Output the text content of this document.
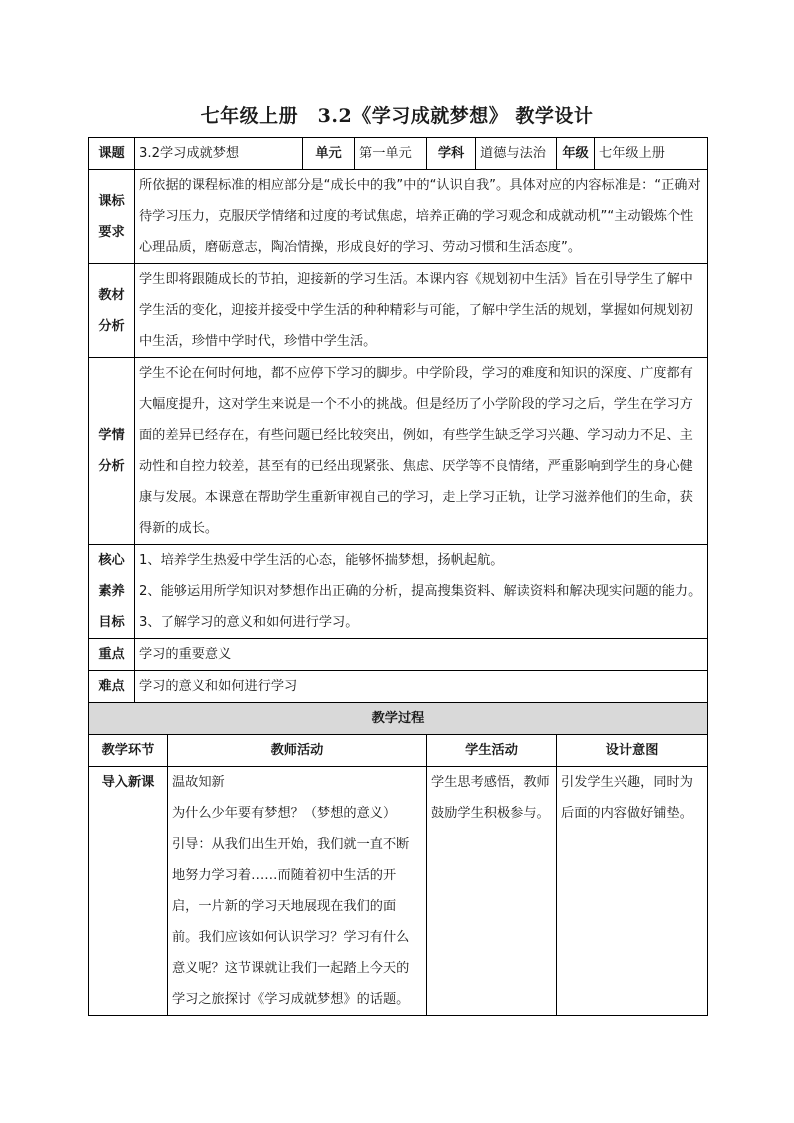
七年级上册　3.2《学习成就梦想》 教学设计
课题	3.2学习成就梦想		单元	第一单元	学科	道德与法治	年级	七年级上册

课标
要求	所依据的课程标准的相应部分是“成长中的我”中的“认识自我”。具体对应的内容标准是：“正确对待学习压力，克服厌学情绪和过度的考试焦虑，培养正确的学习观念和成就动机”“主动锻炼个性心理品质，磨砺意志，陶冶情操，形成良好的学习、劳动习惯和生活态度”。							

教材
分析	学生即将跟随成长的节拍，迎接新的学习生活。本课内容《规划初中生活》旨在引导学生了解中学生活的变化，迎接并接受中学生活的种种精彩与可能，了解中学生活的规划，掌握如何规划初中生活，珍惜中学时代，珍惜中学生活。							

学情
分析	学生不论在何时何地，都不应停下学习的脚步。中学阶段，学习的难度和知识的深度、广度都有大幅度提升，这对学生来说是一个不小的挑战。但是经历了小学阶段的学习之后，学生在学习方面的差异已经存在，有些问题已经比较突出，例如，有些学生缺乏学习兴趣、学习动力不足、主动性和自控力较差，甚至有的已经出现紧张、焦虑、厌学等不良情绪，严重影响到学生的身心健康与发展。本课意在帮助学生重新审视自己的学习，走上学习正轨，让学习滋养他们的生命，获得新的成长。							

核心
素养
目标	1、培养学生热爱中学生活的心态，能够怀揣梦想，扬帆起航。
2、能够运用所学知识对梦想作出正确的分析，提高搜集资料、解读资料和解决现实问题的能力。
3、了解学习的意义和如何进行学习。							

重点	学习的重要意义							
难点	学习的意义和如何进行学习							
教学过程								
教学环节		教师活动			学生活动		设计意图	
导入新课		温故知新
为什么少年要有梦想？（梦想的意义）
引导：从我们出生开始，我们就一直不断地努力学习着……而随着初中生活的开启，一片新的学习天地展现在我们的面前。我们应该如何认识学习？学习有什么意义呢？这节课就让我们一起踏上今天的学习之旅探讨《学习成就梦想》的话题。			学生思考感悟，教师鼓励学生积极参与。		引发学生兴趣，同时为后面的内容做好铺垫。	
